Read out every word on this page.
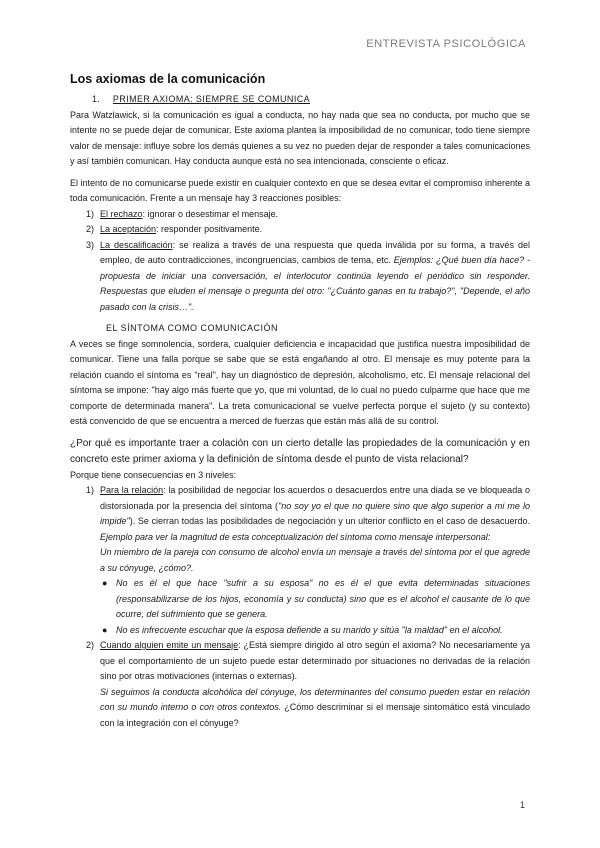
ENTREVISTA PSICOLÓGICA
Los axiomas de la comunicación

1. PRIMER AXIOMA: SIEMPRE SE COMUNICA

Para Watzlawick, si la comunicación es igual a conducta, no hay nada que sea no conducta, por mucho que se intente no se puede dejar de comunicar. Este axioma plantea la imposibilidad de no comunicar, todo tiene siempre valor de mensaje: influye sobre los demás quienes a su vez no pueden dejar de responder a tales comunicaciones y así también comunican. Hay conducta aunque está no sea intencionada, consciente o eficaz.

El intento de no comunicarse puede existir en cualquier contexto en que se desea evitar el compromiso inherente a toda comunicación. Frente a un mensaje hay 3 reacciones posibles:

1) El rechazo: ignorar o desestimar el mensaje.
2) La aceptación: responder positivamente.
3) La descalificación: se realiza a través de una respuesta que queda inválida por su forma, a través del empleo, de auto contradicciones, incongruencias, cambios de tema, etc. Ejemplos: ¿Qué buen día hace? - propuesta de iniciar una conversación, el interlocutor continúa leyendo el periódico sin responder. Respuestas que eluden el mensaje o pregunta del otro: "¿Cuánto ganas en tu trabajo?", "Depende, el año pasado con la crisis…".

EL SÍNTOMA COMO COMUNICACIÓN

A veces se finge somnolencia, sordera, cualquier deficiencia e incapacidad que justifica nuestra imposibilidad de comunicar. Tiene una falla porque se sabe que se está engañando al otro. El mensaje es muy potente para la relación cuando el síntoma es "real", hay un diagnóstico de depresión, alcoholismo, etc. El mensaje relacional del síntoma se impone: "hay algo más fuerte que yo, que mi voluntad, de lo cual no puedo culparme que hace que me comporte de determinada manera". La treta comunicacional se vuelve perfecta porque el sujeto (y su contexto) está convencido de que se encuentra a merced de fuerzas que están más allá de su control.

¿Por qué es importante traer a colación con un cierto detalle las propiedades de la comunicación y en concreto este primer axioma y la definición de síntoma desde el punto de vista relacional?

Porque tiene consecuencias en 3 niveles:

1) Para la relación: la posibilidad de negociar los acuerdos o desacuerdos entre una diada se ve bloqueada o distorsionada por la presencia del síntoma ("no soy yo el que no quiere sino que algo superior a mi me lo impide"). Se cierran todas las posibilidades de negociación y un ulterior conflicto en el caso de desacuerdo. Ejemplo para ver la magnitud de esta conceptualización del síntoma como mensaje interpersonal:

Un miembro de la pareja con consumo de alcohol envía un mensaje a través del síntoma por el que agrede a su cónyuge, ¿cómo?.

● No es él el que hace "sufrir a su esposa" no es él el que evita determinadas situaciones (responsabilizarse de los hijos, economía y su conducta) sino que es el alcohol el causante de lo que ocurre, del sufrimiento que se genera.
● No es infrecuente escuchar que la esposa defiende a su marido y sitúa "la maldad" en el alcohol.
2) Cuando alguien emite un mensaje: ¿Está siempre dirigido al otro según el axioma? No necesariamente ya que el comportamiento de un sujeto puede estar determinado por situaciones no derivadas de la relación sino por otras motivaciones (internas o externas).

Si seguimos la conducta alcohólica del cónyuge, los determinantes del consumo pueden estar en relación con su mundo interno o con otros contextos. ¿Cómo descriminar si el mensaje sintomático está vinculado con la integración con el cónyuge?

1
